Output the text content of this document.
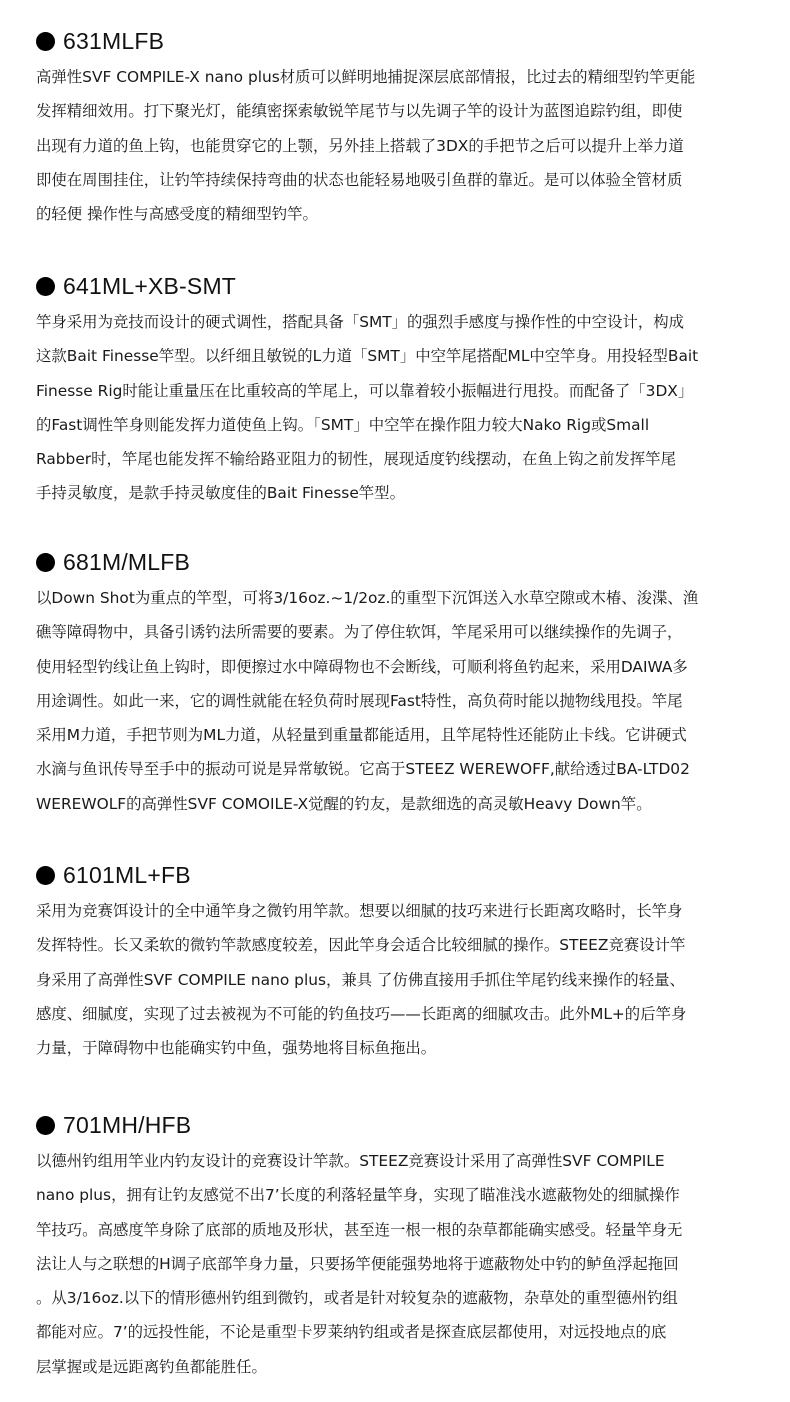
631MLFB
高弹性SVF COMPILE-X nano plus材质可以鲜明地捕捉深层底部情报，比过去的精细型钓竿更能
发挥精细效用。打下聚光灯，能缜密探索敏锐竿尾节与以先调子竿的设计为蓝图追踪钓组，即使
出现有力道的鱼上钩，也能贯穿它的上颚，另外挂上搭载了3DX的手把节之后可以提升上举力道
即使在周围挂住，让钓竿持续保持弯曲的状态也能轻易地吸引鱼群的靠近。是可以体验全管材质
的轻便 操作性与高感受度的精细型钓竿。
641ML+XB-SMT
竿身采用为竞技而设计的硬式调性，搭配具备「SMT」的强烈手感度与操作性的中空设计，构成
这款Bait Finesse竿型。以纤细且敏锐的L力道「SMT」中空竿尾搭配ML中空竿身。用投轻型Bait
Finesse Rig时能让重量压在比重较高的竿尾上，可以靠着较小振幅进行甩投。而配备了「3DX」
的Fast调性竿身则能发挥力道使鱼上钩。「SMT」中空竿在操作阻力较大Nako Rig或Small
Rabber时，竿尾也能发挥不输给路亚阻力的韧性，展现适度钓线摆动，在鱼上钩之前发挥竿尾
手持灵敏度，是款手持灵敏度佳的Bait Finesse竿型。
681M/MLFB
以Down Shot为重点的竿型，可将3/16oz.~1/2oz.的重型下沉饵送入水草空隙或木椿、浚渫、渔
礁等障碍物中，具备引诱钓法所需要的要素。为了停住软饵，竿尾采用可以继续操作的先调子，
使用轻型钓线让鱼上钩时，即便擦过水中障碍物也不会断线，可顺利将鱼钓起来，采用DAIWA多
用途调性。如此一来，它的调性就能在轻负荷时展现Fast特性，高负荷时能以抛物线甩投。竿尾
采用M力道，手把节则为ML力道，从轻量到重量都能适用，且竿尾特性还能防止卡线。它讲硬式
水滴与鱼讯传导至手中的振动可说是异常敏锐。它高于STEEZ WEREWOFF,献给透过BA-LTD02
WEREWOLF的高弹性SVF COMOILE-X觉醒的钓友，是款细选的高灵敏Heavy Down竿。
6101ML+FB
采用为竞赛饵设计的全中通竿身之微钓用竿款。想要以细腻的技巧来进行长距离攻略时，长竿身
发挥特性。长又柔软的微钓竿款感度较差，因此竿身会适合比较细腻的操作。STEEZ竞赛设计竿
身采用了高弹性SVF COMPILE nano plus，兼具 了仿佛直接用手抓住竿尾钓线来操作的轻量、
感度、细腻度，实现了过去被视为不可能的钓鱼技巧——长距离的细腻攻击。此外ML+的后竿身
力量，于障碍物中也能确实钓中鱼，强势地将目标鱼拖出。
701MH/HFB
以德州钓组用竿业内钓友设计的竞赛设计竿款。STEEZ竞赛设计采用了高弹性SVF COMPILE
nano plus，拥有让钓友感觉不出7’长度的利落轻量竿身，实现了瞄准浅水遮蔽物处的细腻操作
竿技巧。高感度竿身除了底部的质地及形状，甚至连一根一根的杂草都能确实感受。轻量竿身无
法让人与之联想的H调子底部竿身力量，只要扬竿便能强势地将于遮蔽物处中钓的鲈鱼浮起拖回
。从3/16oz.以下的情形德州钓组到微钓，或者是针对较复杂的遮蔽物，杂草处的重型德州钓组
都能对应。7’的远投性能，不论是重型卡罗莱纳钓组或者是探查底层都使用，对远投地点的底
层掌握或是远距离钓鱼都能胜任。
